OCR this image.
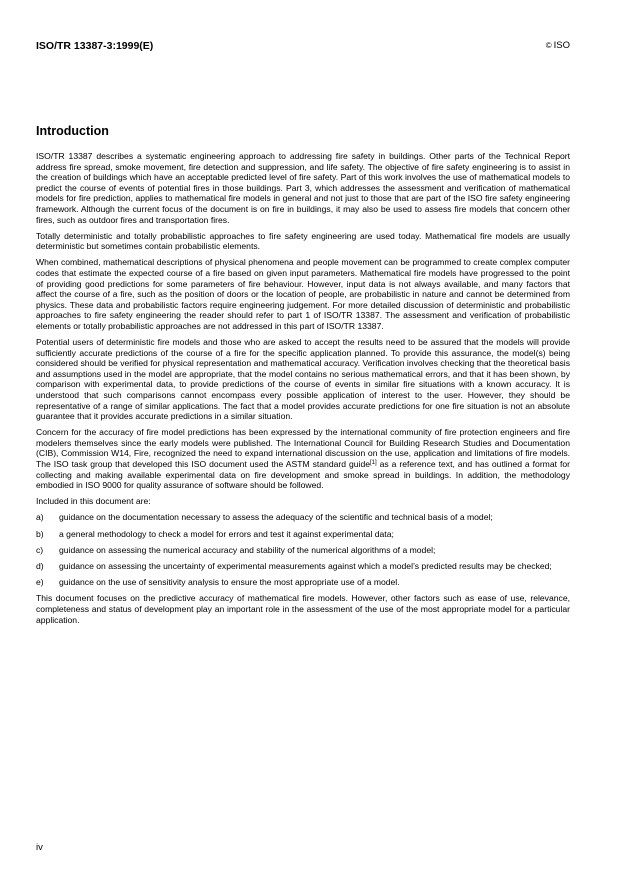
ISO/TR 13387-3:1999(E)	© ISO
Introduction

ISO/TR 13387 describes a systematic engineering approach to addressing fire safety in buildings. Other parts of the Technical Report address fire spread, smoke movement, fire detection and suppression, and life safety. The objective of fire safety engineering is to assist in the creation of buildings which have an acceptable predicted level of fire safety. Part of this work involves the use of mathematical models to predict the course of events of potential fires in those buildings. Part 3, which addresses the assessment and verification of mathematical models for fire prediction, applies to mathematical fire models in general and not just to those that are part of the ISO fire safety engineering framework. Although the current focus of the document is on fire in buildings, it may also be used to assess fire models that concern other fires, such as outdoor fires and transportation fires.

Totally deterministic and totally probabilistic approaches to fire safety engineering are used today. Mathematical fire models are usually deterministic but sometimes contain probabilistic elements.

When combined, mathematical descriptions of physical phenomena and people movement can be programmed to create complex computer codes that estimate the expected course of a fire based on given input parameters. Mathematical fire models have progressed to the point of providing good predictions for some parameters of fire behaviour. However, input data is not always available, and many factors that affect the course of a fire, such as the position of doors or the location of people, are probabilistic in nature and cannot be determined from physics. These data and probabilistic factors require engineering judgement. For more detailed discussion of deterministic and probabilistic approaches to fire safety engineering the reader should refer to part 1 of ISO/TR 13387. The assessment and verification of probabilistic elements or totally probabilistic approaches are not addressed in this part of ISO/TR 13387.

Potential users of deterministic fire models and those who are asked to accept the results need to be assured that the models will provide sufficiently accurate predictions of the course of a fire for the specific application planned. To provide this assurance, the model(s) being considered should be verified for physical representation and mathematical accuracy. Verification involves checking that the theoretical basis and assumptions used in the model are appropriate, that the model contains no serious mathematical errors, and that it has been shown, by comparison with experimental data, to provide predictions of the course of events in similar fire situations with a known accuracy. It is understood that such comparisons cannot encompass every possible application of interest to the user. However, they should be representative of a range of similar applications. The fact that a model provides accurate predictions for one fire situation is not an absolute guarantee that it provides accurate predictions in a similar situation.

Concern for the accuracy of fire model predictions has been expressed by the international community of fire protection engineers and fire modelers themselves since the early models were published. The International Council for Building Research Studies and Documentation (CIB), Commission W14, Fire, recognized the need to expand international discussion on the use, application and limitations of fire models. The ISO task group that developed this ISO document used the ASTM standard guide[1] as a reference text, and has outlined a format for collecting and making available experimental data on fire development and smoke spread in buildings. In addition, the methodology embodied in ISO 9000 for quality assurance of software should be followed.

Included in this document are:

a) guidance on the documentation necessary to assess the adequacy of the scientific and technical basis of a model;
b) a general methodology to check a model for errors and test it against experimental data;
c) guidance on assessing the numerical accuracy and stability of the numerical algorithms of a model;
d) guidance on assessing the uncertainty of experimental measurements against which a model’s predicted results may be checked;
e) guidance on the use of sensitivity analysis to ensure the most appropriate use of a model.

This document focuses on the predictive accuracy of mathematical fire models. However, other factors such as ease of use, relevance, completeness and status of development play an important role in the assessment of the use of the most appropriate model for a particular application.

iv
